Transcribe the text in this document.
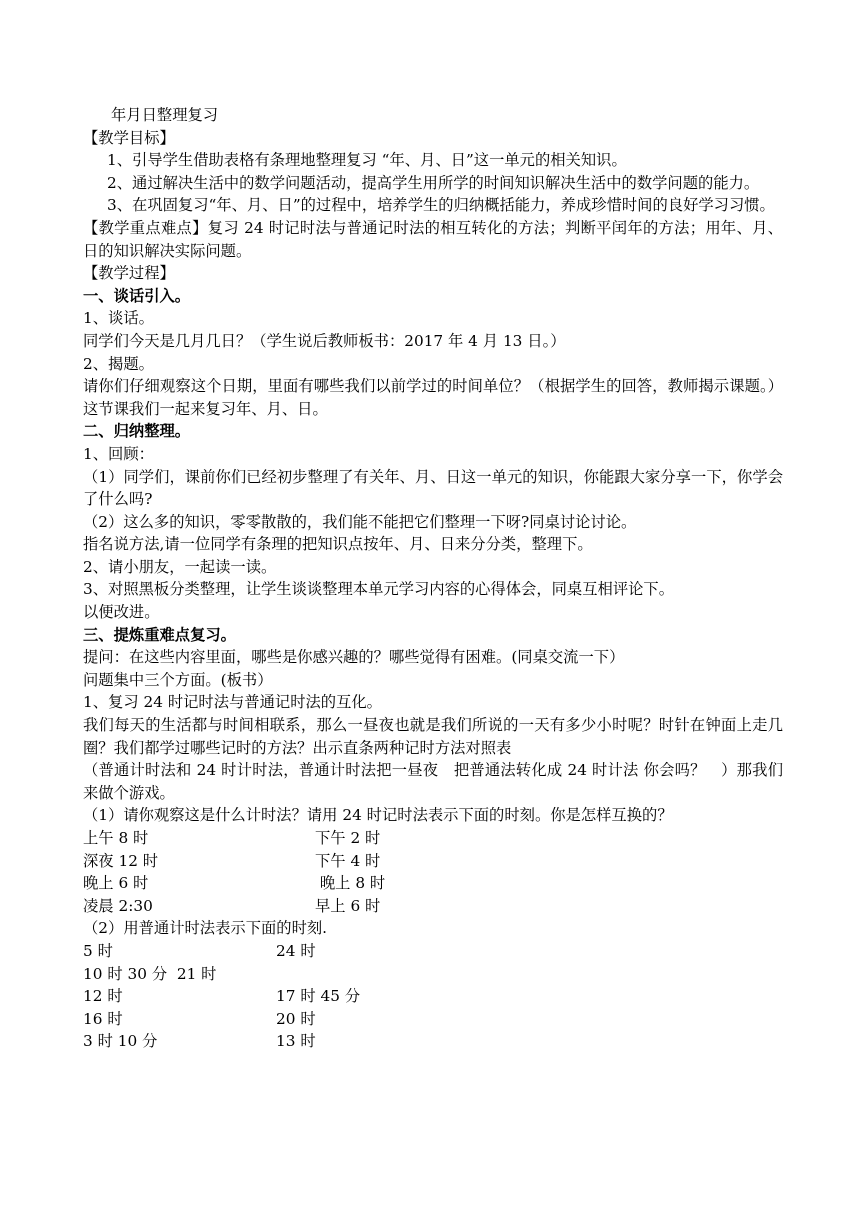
年月日整理复习
【教学目标】
1、引导学生借助表格有条理地整理复习 “年、月、日”这一单元的相关知识。
2、通过解决生活中的数学问题活动，提高学生用所学的时间知识解决生活中的数学问题的能力。
3、在巩固复习“年、月、日”的过程中，培养学生的归纳概括能力，养成珍惜时间的良好学习习惯。
【教学重点难点】复习 24 时记时法与普通记时法的相互转化的方法；判断平闰年的方法；用年、月、日的知识解决实际问题。
【教学过程】
一、谈话引入。
1、谈话。
同学们今天是几月几日？（学生说后教师板书：2017 年 4 月 13 日。）
2、揭题。
请你们仔细观察这个日期，里面有哪些我们以前学过的时间单位？（根据学生的回答，教师揭示课题。）这节课我们一起来复习年、月、日。
二、归纳整理。
1、回顾：
（1）同学们，课前你们已经初步整理了有关年、月、日这一单元的知识，你能跟大家分享一下，你学会了什么吗?
（2）这么多的知识，零零散散的，我们能不能把它们整理一下呀?同桌讨论讨论。
指名说方法,请一位同学有条理的把知识点按年、月、日来分分类，整理下。
2、请小朋友，一起读一读。
3、对照黑板分类整理，让学生谈谈整理本单元学习内容的心得体会，同桌互相评论下。
以便改进。
三、提炼重难点复习。
提问：在这些内容里面，哪些是你感兴趣的？哪些觉得有困难。(同桌交流一下）
问题集中三个方面。(板书）
1、复习 24 时记时法与普通记时法的互化。
我们每天的生活都与时间相联系，那么一昼夜也就是我们所说的一天有多少小时呢？时针在钟面上走几圈？我们都学过哪些记时的方法？出示直条两种记时方法对照表
（普通计时法和 24 时计时法，普通计时法把一昼夜　把普通法转化成 24 时计法 你会吗？　）那我们来做个游戏。
（1）请你观察这是什么计时法？请用 24 时记时法表示下面的时刻。你是怎样互换的？
上午 8 时	下午 2 时
深夜 12 时	下午 4 时
晚上 6 时	晚上 8 时
凌晨 2:30	早上 6 时
（2）用普通计时法表示下面的时刻.
5 时	24 时
10 时 30 分  21 时
12 时	17 时 45 分
16 时	20 时
3 时 10 分	13 时
